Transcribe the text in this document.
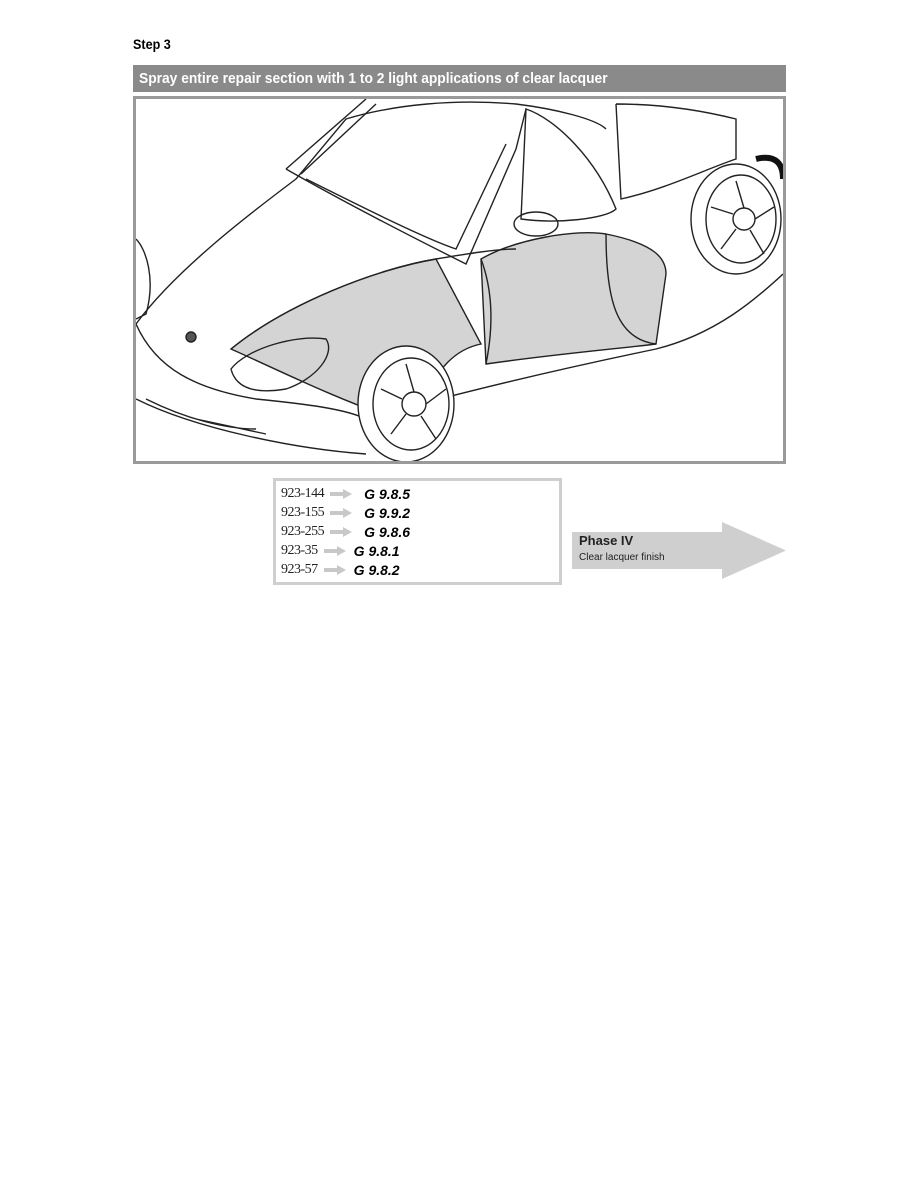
Step 3
Spray entire repair section with 1 to 2 light applications of clear lacquer
923-144	G 9.8.5
923-155	G 9.9.2
923-255	G 9.8.6
923-35	G 9.8.1
923-57	G 9.8.2
Phase IV
Clear lacquer finish
